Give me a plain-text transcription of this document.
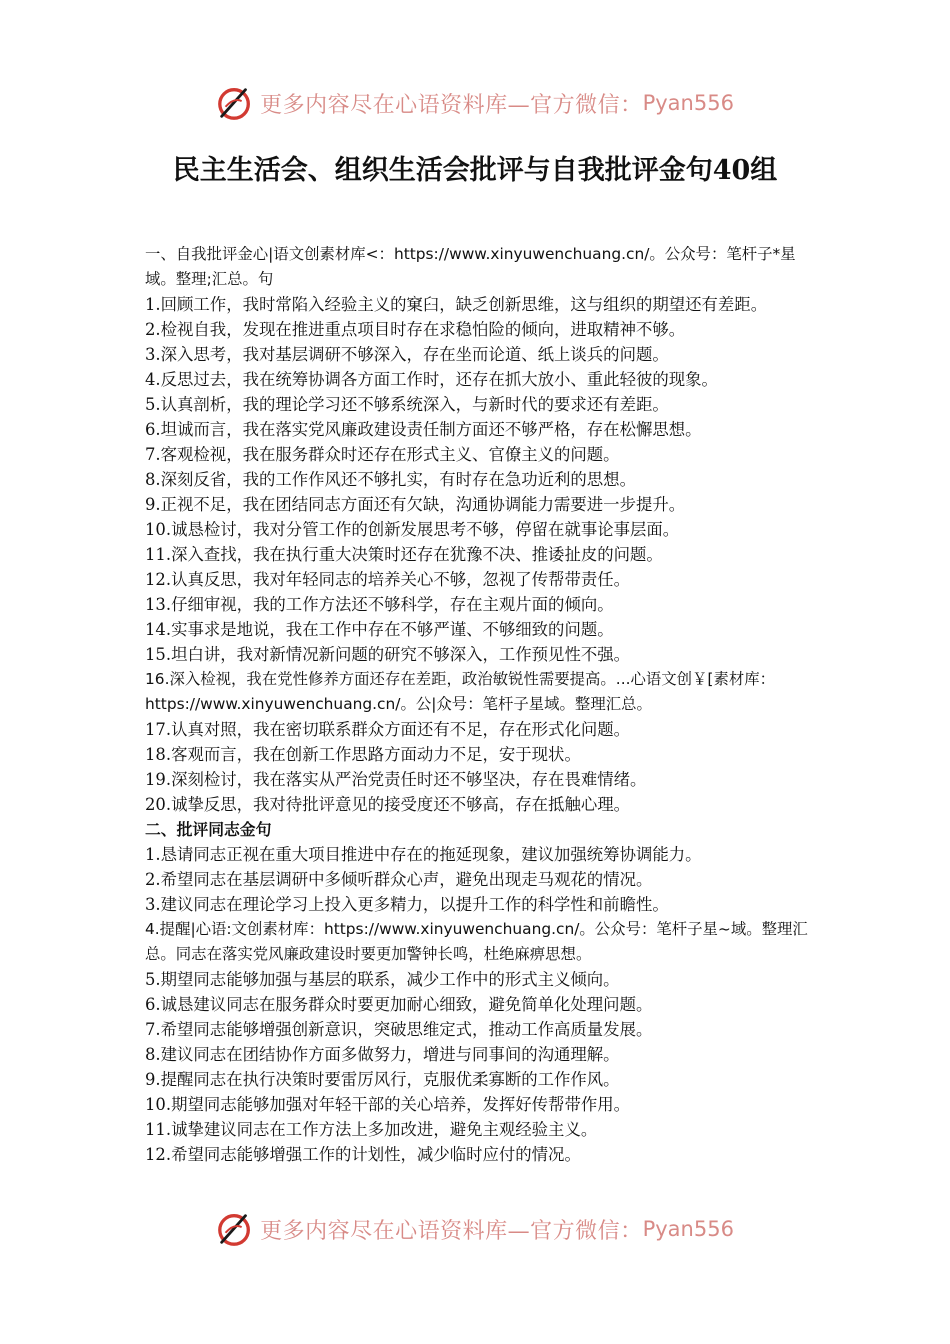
更多内容尽在心语资料库—官方微信： Pyan556
民主生活会、组织生活会批评与自我批评金句40组

一、自我批评金心|语文创素材库<：https://www.xinyuwenchuang.cn/。公众号：笔杆子*星域。整理;汇总。句

1.回顾工作，我时常陷入经验主义的窠臼，缺乏创新思维，这与组织的期望还有差距。

2.检视自我，发现在推进重点项目时存在求稳怕险的倾向，进取精神不够。

3.深入思考，我对基层调研不够深入，存在坐而论道、纸上谈兵的问题。

4.反思过去，我在统筹协调各方面工作时，还存在抓大放小、重此轻彼的现象。

5.认真剖析，我的理论学习还不够系统深入，与新时代的要求还有差距。

6.坦诚而言，我在落实党风廉政建设责任制方面还不够严格，存在松懈思想。

7.客观检视，我在服务群众时还存在形式主义、官僚主义的问题。

8.深刻反省，我的工作作风还不够扎实，有时存在急功近利的思想。

9.正视不足，我在团结同志方面还有欠缺，沟通协调能力需要进一步提升。

10.诚恳检讨，我对分管工作的创新发展思考不够，停留在就事论事层面。

11.深入查找，我在执行重大决策时还存在犹豫不决、推诿扯皮的问题。

12.认真反思，我对年轻同志的培养关心不够，忽视了传帮带责任。

13.仔细审视，我的工作方法还不够科学，存在主观片面的倾向。

14.实事求是地说，我在工作中存在不够严谨、不够细致的问题。

15.坦白讲，我对新情况新问题的研究不够深入，工作预见性不强。

16.深入检视，我在党性修养方面还存在差距，政治敏锐性需要提高。...心语文创￥[素材库：https://www.xinyuwenchuang.cn/。公|众号：笔杆子星域。整理汇总。

17.认真对照，我在密切联系群众方面还有不足，存在形式化问题。

18.客观而言，我在创新工作思路方面动力不足，安于现状。

19.深刻检讨，我在落实从严治党责任时还不够坚决，存在畏难情绪。

20.诚挚反思，我对待批评意见的接受度还不够高，存在抵触心理。

二、批评同志金句

1.恳请同志正视在重大项目推进中存在的拖延现象，建议加强统筹协调能力。

2.希望同志在基层调研中多倾听群众心声，避免出现走马观花的情况。

3.建议同志在理论学习上投入更多精力，以提升工作的科学性和前瞻性。

4.提醒|心语:文创素材库：https://www.xinyuwenchuang.cn/。公众号：笔杆子星~域。整理汇总。同志在落实党风廉政建设时要更加警钟长鸣，杜绝麻痹思想。

5.期望同志能够加强与基层的联系，减少工作中的形式主义倾向。

6.诚恳建议同志在服务群众时要更加耐心细致，避免简单化处理问题。

7.希望同志能够增强创新意识，突破思维定式，推动工作高质量发展。

8.建议同志在团结协作方面多做努力，增进与同事间的沟通理解。

9.提醒同志在执行决策时要雷厉风行，克服优柔寡断的工作作风。

10.期望同志能够加强对年轻干部的关心培养，发挥好传帮带作用。

11.诚挚建议同志在工作方法上多加改进，避免主观经验主义。

12.希望同志能够增强工作的计划性，减少临时应付的情况。

更多内容尽在心语资料库—官方微信： Pyan556
